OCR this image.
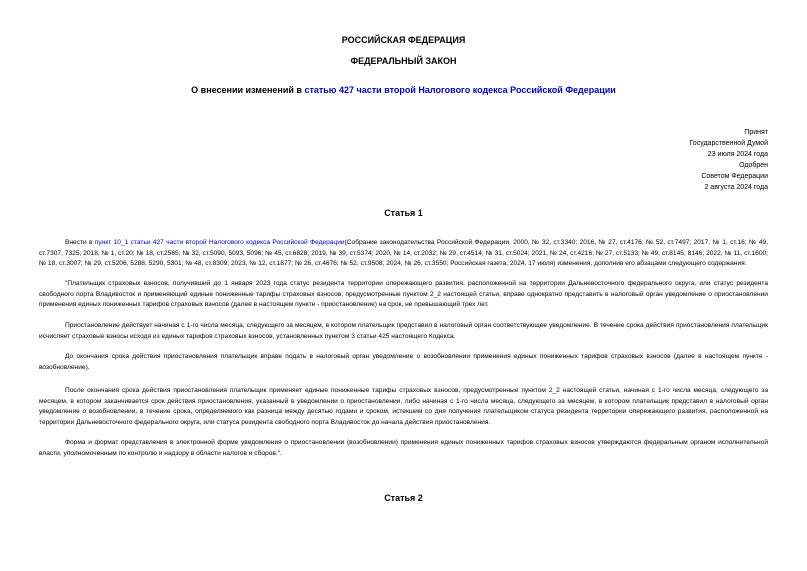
РОССИЙСКАЯ ФЕДЕРАЦИЯ
ФЕДЕРАЛЬНЫЙ ЗАКОН
О внесении изменений в статью 427 части второй Налогового кодекса Российской Федерации
Принят
Государственной Думой
23 июля 2024 года
Одобрен
Советом Федерации
2 августа 2024 года
Статья 1
Внести в пункт 10_1 статьи 427 части второй Налогового кодекса Российской Федерации(Собрание законодательства Российской Федерации, 2000, № 32, ст.3340; 2016, № 27, ст.4176; № 52, ст.7497; 2017, № 1, ст.16; № 49, ст.7307, 7325; 2018, № 1, ст.20; № 18, ст.2565; № 32, ст.5090, 5093, 5096; № 45, ст.6828; 2019, № 39, ст.5374; 2020, № 14, ст.2032; № 29, ст.4514; № 31, ст.5024; 2021, № 24, ст.4216; № 27, ст.5133; № 49, ст.8145, 8146; 2022, № 11, ст.1600; № 18, ст.3007; № 29, ст.5206, 5288, 5290, 5301; № 48, ст.8309; 2023, № 12, ст.1877; № 26, ст.4676; № 52, ст.9508; 2024, № 26, ст.3550; Российская газета, 2024, 17 июля) изменения, дополнив его абзацами следующего содержания:
"Плательщик страховых взносов, получивший до 1 января 2023 года статус резидента территории опережающего развития, расположенной на территории Дальневосточного федерального округа, или статус резидента свободного порта Владивосток и применяющий единые пониженные тарифы страховых взносов, предусмотренные пунктом 2_2 настоящей статьи, вправе однократно представить в налоговый орган уведомление о приостановлении применения единых пониженных тарифов страховых взносов (далее в настоящем пункте - приостановление) на срок, не превышающий трех лет.
Приостановление действует начиная с 1-го числа месяца, следующего за месяцем, в котором плательщик представил в налоговый орган соответствующее уведомление. В течение срока действия приостановления плательщик исчисляет страховые взносы исходя из единых тарифов страховых взносов, установленных пунктом 3 статьи 425 настоящего Кодекса.
До окончания срока действия приостановления плательщик вправе подать в налоговый орган уведомление о возобновлении применения единых пониженных тарифов страховых взносов (далее в настоящем пункте - возобновление).
После окончания срока действия приостановления плательщик применяет единые пониженные тарифы страховых взносов, предусмотренные пунктом 2_2 настоящей статьи, начиная с 1-го числа месяца, следующего за месяцем, в котором заканчивается срок действия приостановления, указанный в уведомлении о приостановлении, либо начиная с 1-го числа месяца, следующего за месяцем, в котором плательщик представил в налоговый орган уведомление о возобновлении, в течение срока, определяемого как разница между десятью годами и сроком, истекшим со дня получения плательщиком статуса резидента территории опережающего развития, расположенной на территории Дальневосточного федерального округа, или статуса резидента свободного порта Владивосток до начала действия приостановления.
Форма и формат представления в электронной форме уведомления о приостановлении (возобновлении) применения единых пониженных тарифов страховых взносов утверждаются федеральным органом исполнительной власти, уполномоченным по контролю и надзору в области налогов и сборов.".
Статья 2
